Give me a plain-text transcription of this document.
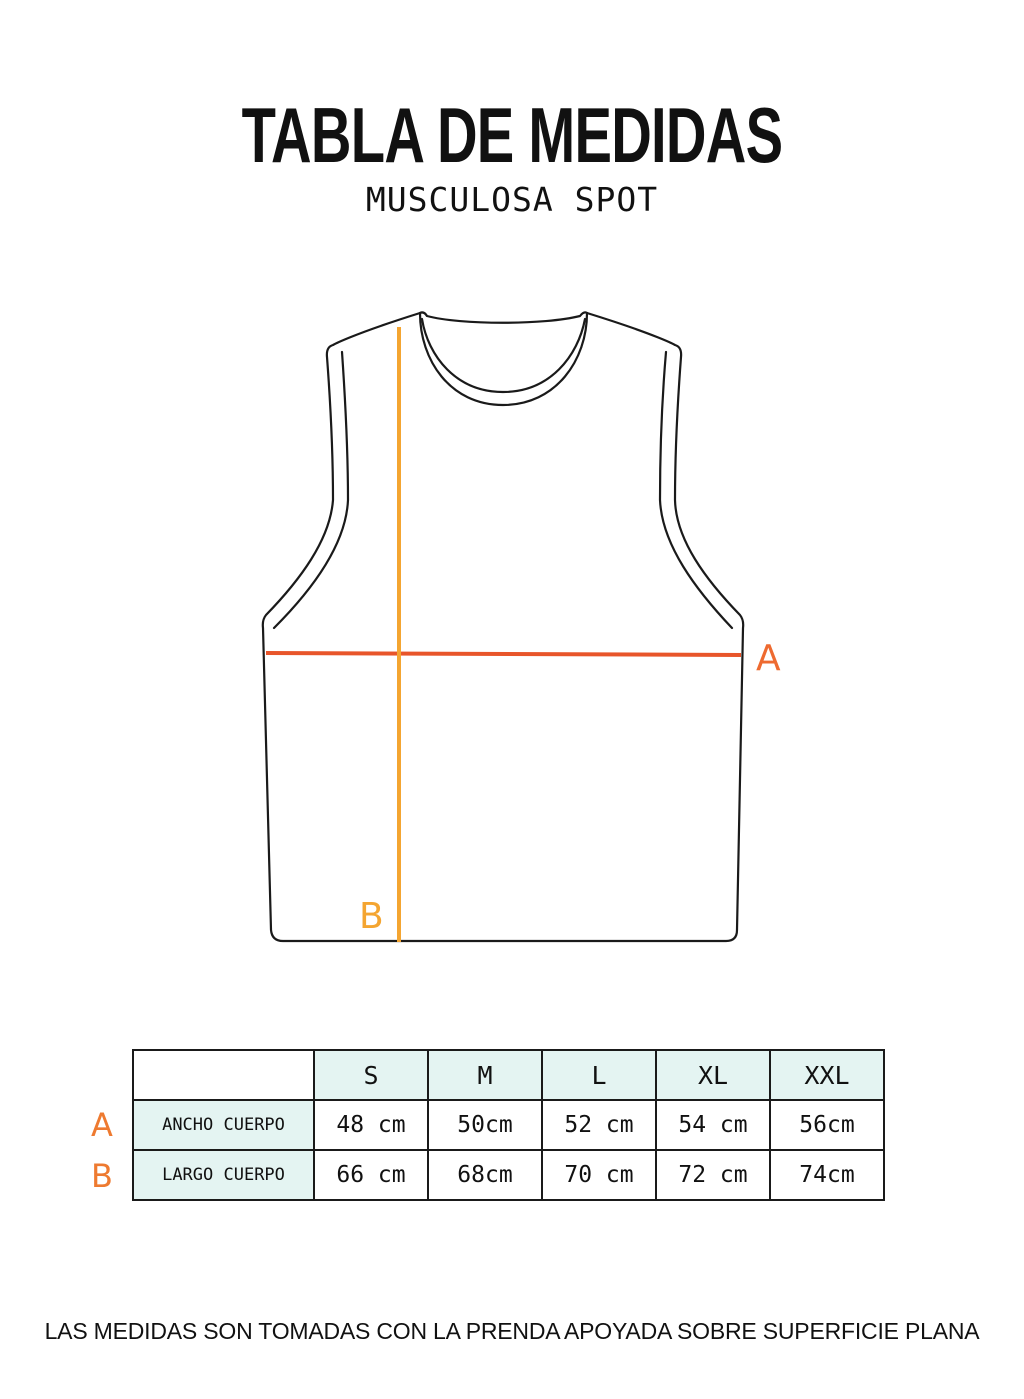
TABLA DE MEDIDAS
MUSCULOSA SPOT
A
B
A
B
	S	M	L	XL	XXL
ANCHO CUERPO	48 cm	50cm	52 cm	54 cm	56cm
LARGO CUERPO	66 cm	68cm	70 cm	72 cm	74cm
LAS MEDIDAS SON TOMADAS CON LA PRENDA APOYADA SOBRE SUPERFICIE PLANA
